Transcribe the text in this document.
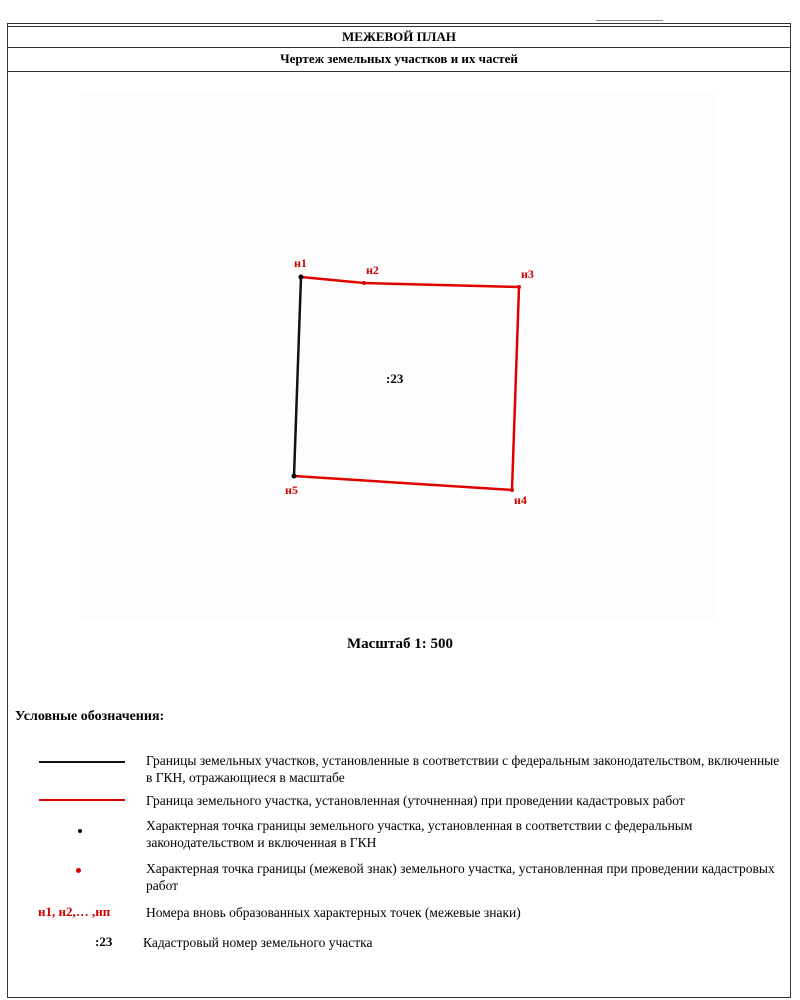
МЕЖЕВОЙ ПЛАН
Чертеж земельных участков и их частей
н1	н2	н3
н4
н5
:23
Масштаб 1: 500
Условные обозначения:
Границы земельных участков, установленные в соответствии с федеральным законодательством, включенные в ГКН, отражающиеся в масштабе
Граница земельного участка, установленная (уточненная) при проведении кадастровых работ
Характерная точка границы земельного участка, установленная в соответствии с федеральным законодательством и включенная в ГКН
Характерная точка границы (межевой знак) земельного участка, установленная при проведении кадастровых работ
н1, н2,… ,нп	Номера вновь образованных характерных точек (межевые знаки)
:23 Кадастровый номер земельного участка
